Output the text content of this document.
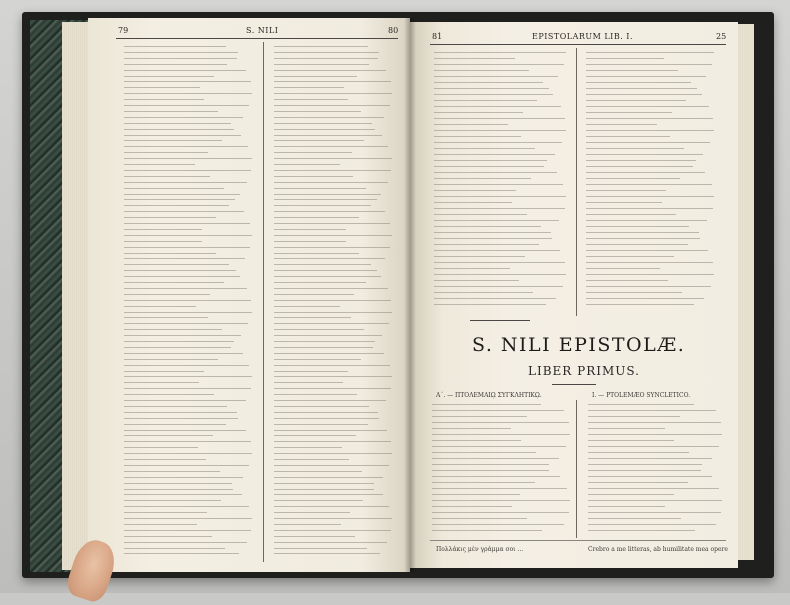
79	S. NILI	80
81	EPISTOLARUM LIB. I.	25
S. NILI EPISTOLÆ.
LIBER PRIMUS.
Α΄. — ΠΤΟΛΕΜΑΙῼ ΣΥΓΚΛΗΤΙΚῼ.	I. — PTOLEMÆO SYNCLETICO.
Πολλάκις μὲν γράμμα σοι ...	Crebro a me litteras, ab humilitate mea opere
